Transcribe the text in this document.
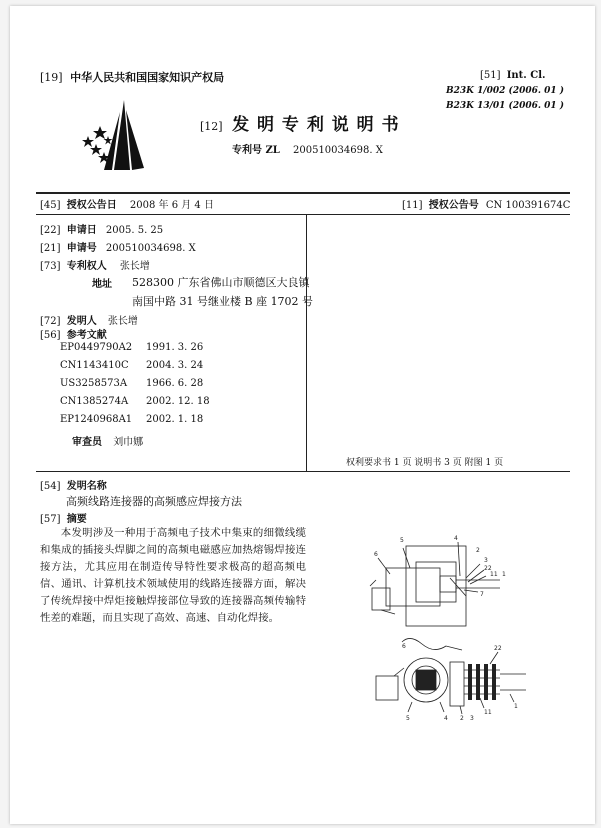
[19] 中华人民共和国国家知识产权局
[12] 发 明 专 利 说 明 书
专利号 ZL 200510034698. X
[51] Int. Cl.
B23K 1/002 (2006. 01 )
B23K 13/01 (2006. 01 )
[45] 授权公告日 2008 年 6 月 4 日	[11] 授权公告号 CN 100391674C
[22] 申请日 2005. 5. 25
[21] 申请号 200510034698. X
[73] 专利权人 张长增
地址 528300 广东省佛山市顺德区大良镇
南国中路 31 号继业楼 B 座 1702 号
[72] 发明人 张长增
[56] 参考文献
EP0449790A2 1991. 3. 26
CN1143410C 2004. 3. 24
US3258573A 1966. 6. 28
CN1385274A 2002. 12. 18
EP1240968A1 2002. 1. 18
审查员 刘巾娜
权利要求书 1 页 说明书 3 页 附图 1 页
[54] 发明名称
高频线路连接器的高频感应焊接方法
[57] 摘要
本发明涉及一种用于高频电子技术中集束的细微线缆和集成的插接头焊脚之间的高频电磁感应加热熔锡焊接连接方法，尤其应用在制造传导特性要求极高的超高频电信、通讯、计算机技术领域使用的线路连接器方面，解决了传统焊接中焊炬接触焊接部位导致的连接器高频传输特性差的难题，而且实现了高效、高速、自动化焊接。
5	4
2
3
22
11 1
6
7
22
6
5	4 2 3
11
1
